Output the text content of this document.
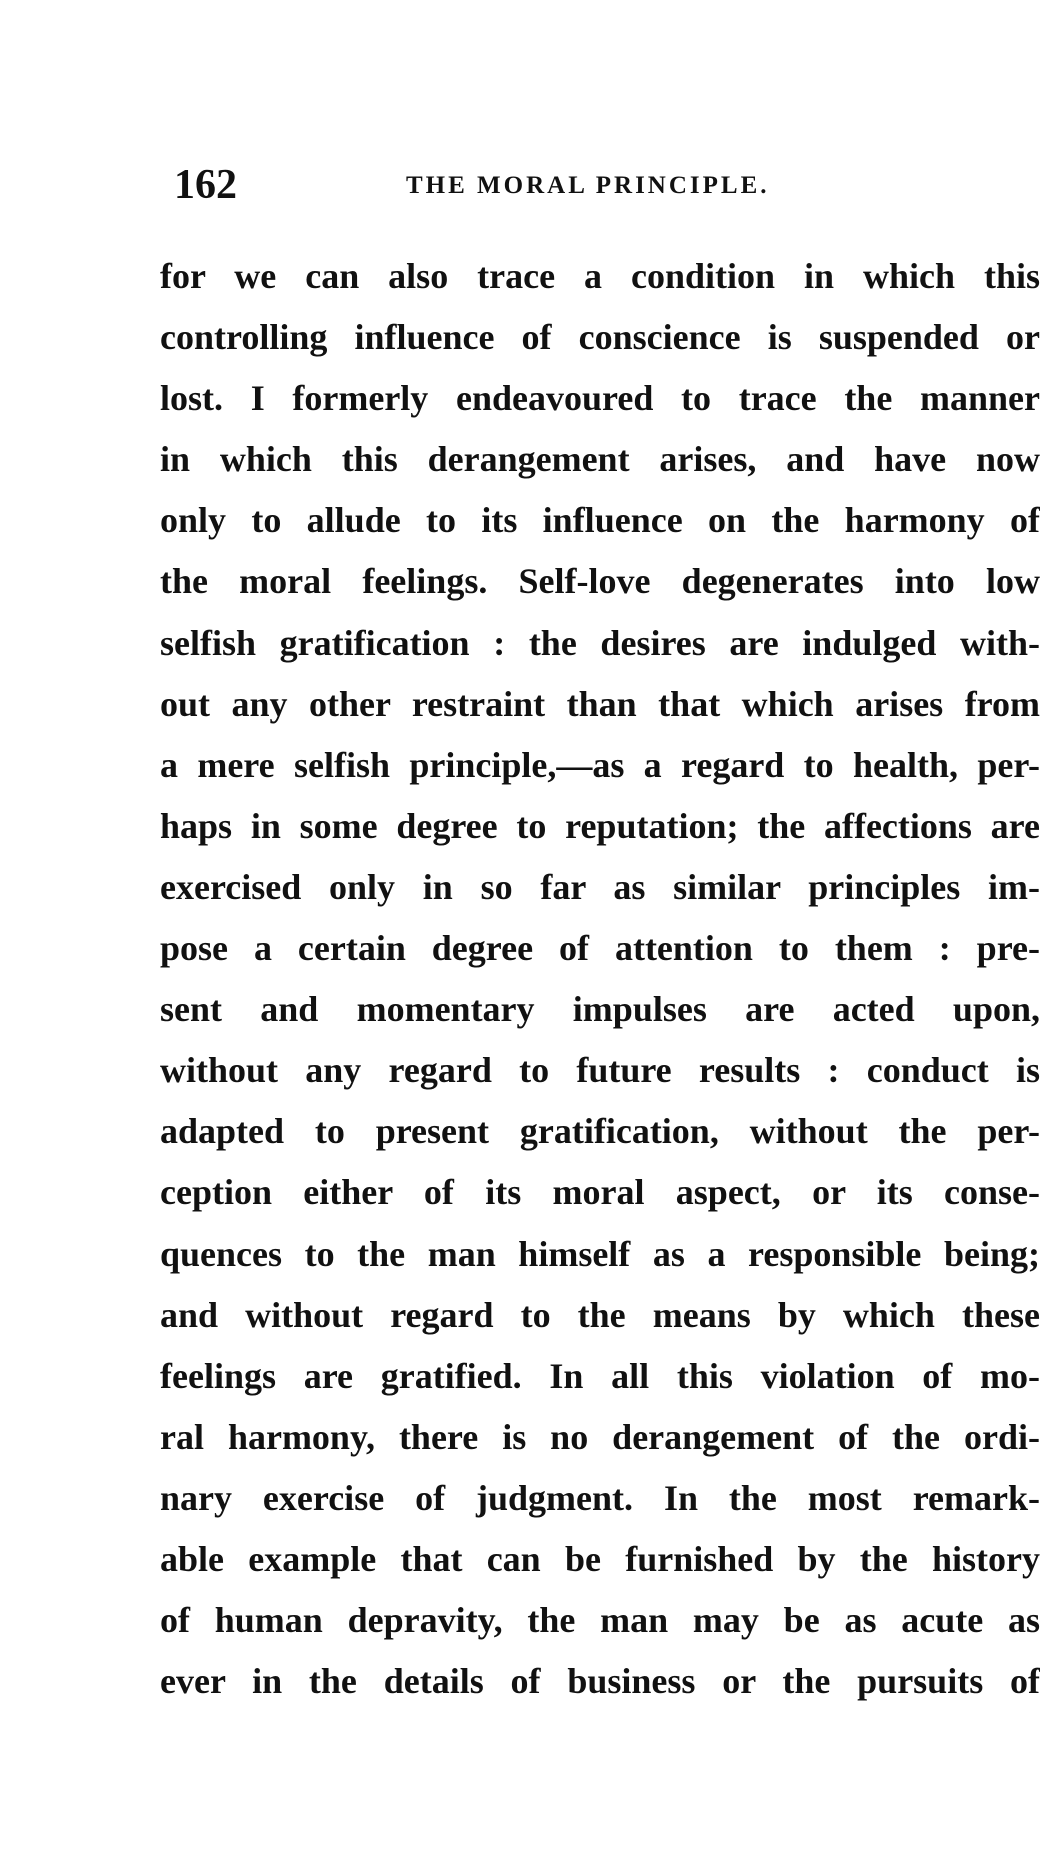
162	THE MORAL PRINCIPLE.
for we can also trace a condition in which this
controlling influence of conscience is suspended or
lost. I formerly endeavoured to trace the manner
in which this derangement arises, and have now
only to allude to its influence on the harmony of
the moral feelings. Self-love degenerates into low
selfish gratification : the desires are indulged with-
out any other restraint than that which arises from
a mere selfish principle,—as a regard to health, per-
haps in some degree to reputation; the affections are
exercised only in so far as similar principles im-
pose a certain degree of attention to them : pre-
sent and momentary impulses are acted upon,
without any regard to future results : conduct is
adapted to present gratification, without the per-
ception either of its moral aspect, or its conse-
quences to the man himself as a responsible being;
and without regard to the means by which these
feelings are gratified. In all this violation of mo-
ral harmony, there is no derangement of the ordi-
nary exercise of judgment. In the most remark-
able example that can be furnished by the history
of human depravity, the man may be as acute as
ever in the details of business or the pursuits of
